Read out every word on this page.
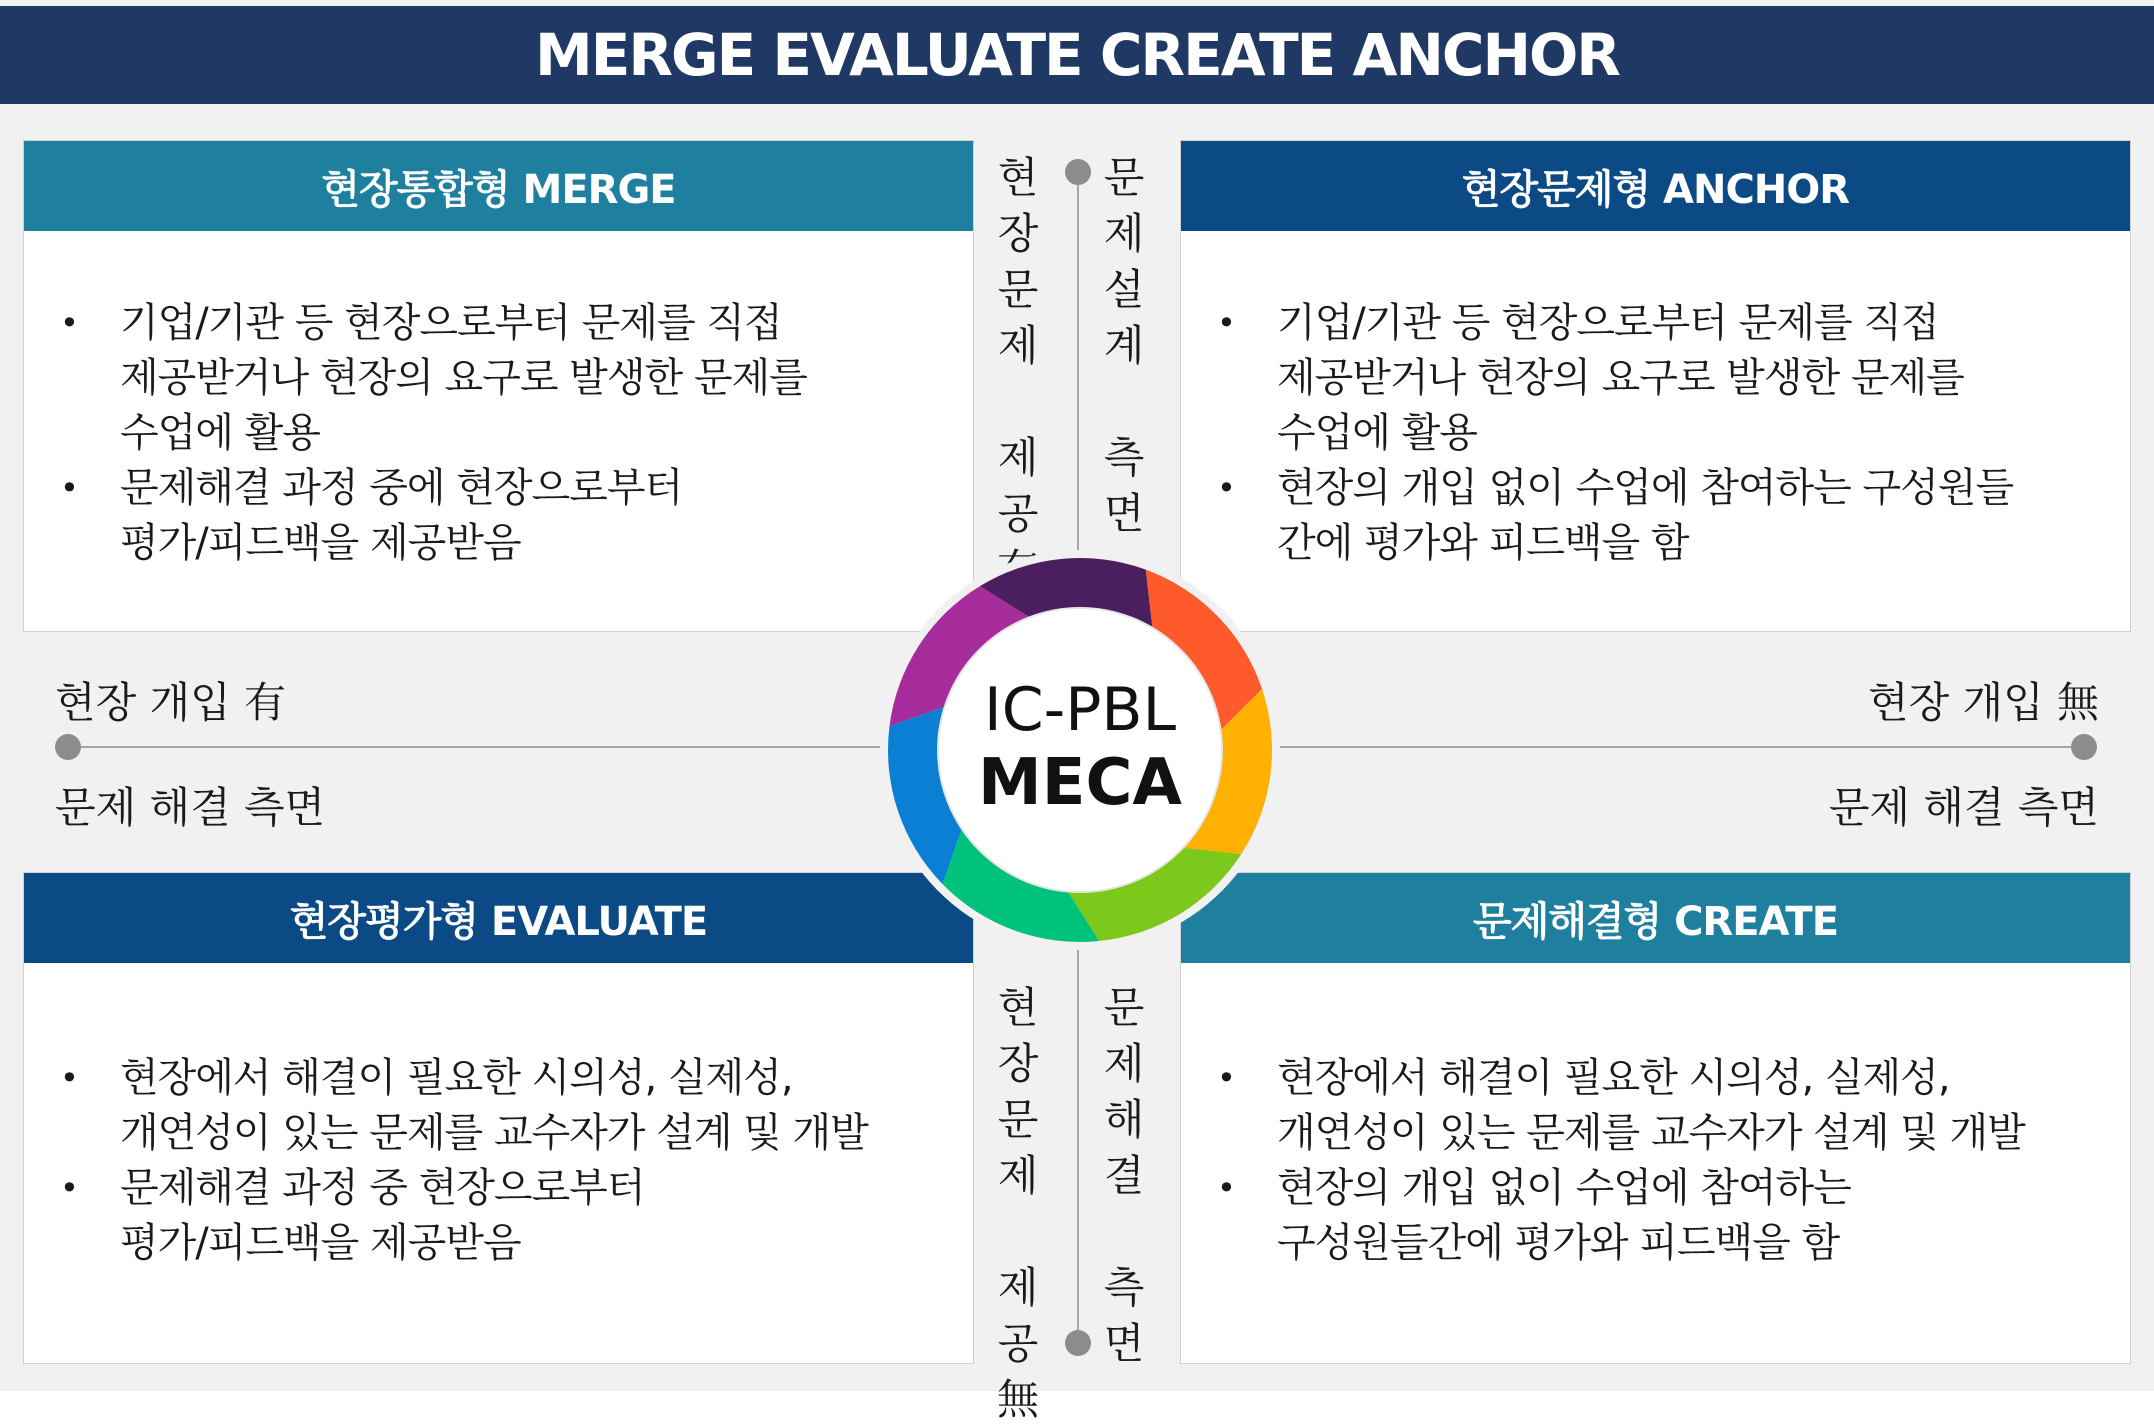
MERGE EVALUATE CREATE ANCHOR
현장통합형 MERGE
• 기업/기관 등 현장으로부터 문제를 직접
제공받거나 현장의 요구로 발생한 문제를
수업에 활용
• 문제해결 과정 중에 현장으로부터
평가/피드백을 제공받음
현장문제형 ANCHOR
• 기업/기관 등 현장으로부터 문제를 직접
제공받거나 현장의 요구로 발생한 문제를
수업에 활용
• 현장의 개입 없이 수업에 참여하는 구성원들
간에 평가와 피드백을 함
현장평가형 EVALUATE
• 현장에서 해결이 필요한 시의성, 실제성,
개연성이 있는 문제를 교수자가 설계 및 개발
• 문제해결 과정 중 현장으로부터
평가/피드백을 제공받음
문제해결형 CREATE
• 현장에서 해결이 필요한 시의성, 실제성,
개연성이 있는 문제를 교수자가 설계 및 개발
• 현장의 개입 없이 수업에 참여하는
구성원들간에 평가와 피드백을 함
현
장
문
제

제
공

문
제
설
계

측
면
현
장
문
제

제
공
無
문
제
해
결

측
면
현장 개입 有
문제 해결 측면
현장 개입 無
문제 해결 측면
IC-PBL
MECA
